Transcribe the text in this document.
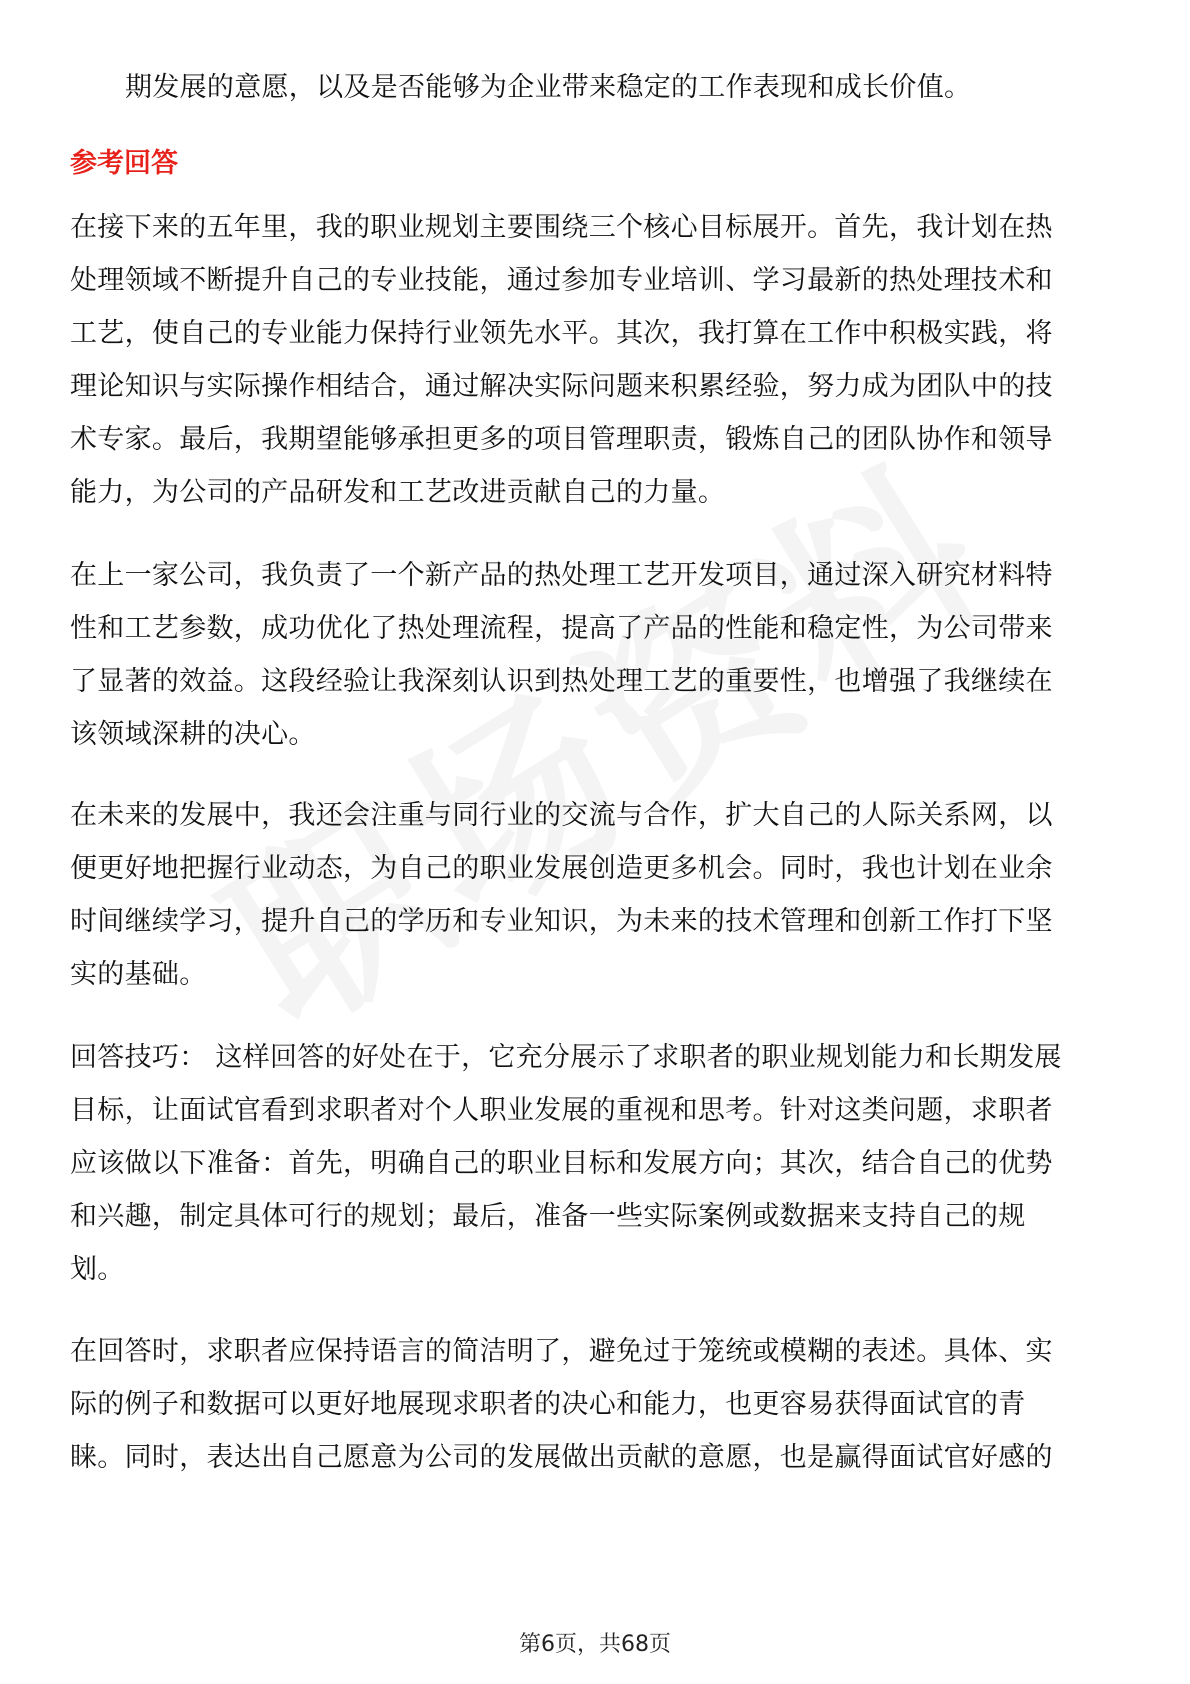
期发展的意愿，以及是否能够为企业带来稳定的工作表现和成长价值。
参考回答
在接下来的五年里，我的职业规划主要围绕三个核心目标展开。首先，我计划在热
处理领域不断提升自己的专业技能，通过参加专业培训、学习最新的热处理技术和
工艺，使自己的专业能力保持行业领先水平。其次，我打算在工作中积极实践，将
理论知识与实际操作相结合，通过解决实际问题来积累经验，努力成为团队中的技
术专家。最后，我期望能够承担更多的项目管理职责，锻炼自己的团队协作和领导
能力，为公司的产品研发和工艺改进贡献自己的力量。
在上一家公司，我负责了一个新产品的热处理工艺开发项目，通过深入研究材料特
性和工艺参数，成功优化了热处理流程，提高了产品的性能和稳定性，为公司带来
了显著的效益。这段经验让我深刻认识到热处理工艺的重要性，也增强了我继续在
该领域深耕的决心。
在未来的发展中，我还会注重与同行业的交流与合作，扩大自己的人际关系网，以
便更好地把握行业动态，为自己的职业发展创造更多机会。同时，我也计划在业余
时间继续学习，提升自己的学历和专业知识，为未来的技术管理和创新工作打下坚
实的基础。
回答技巧： 这样回答的好处在于，它充分展示了求职者的职业规划能力和长期发展
目标，让面试官看到求职者对个人职业发展的重视和思考。针对这类问题，求职者
应该做以下准备：首先，明确自己的职业目标和发展方向；其次，结合自己的优势
和兴趣，制定具体可行的规划；最后，准备一些实际案例或数据来支持自己的规
划。
在回答时，求职者应保持语言的简洁明了，避免过于笼统或模糊的表述。具体、实
际的例子和数据可以更好地展现求职者的决心和能力，也更容易获得面试官的青
睐。同时，表达出自己愿意为公司的发展做出贡献的意愿，也是赢得面试官好感的
第6页，共68页
